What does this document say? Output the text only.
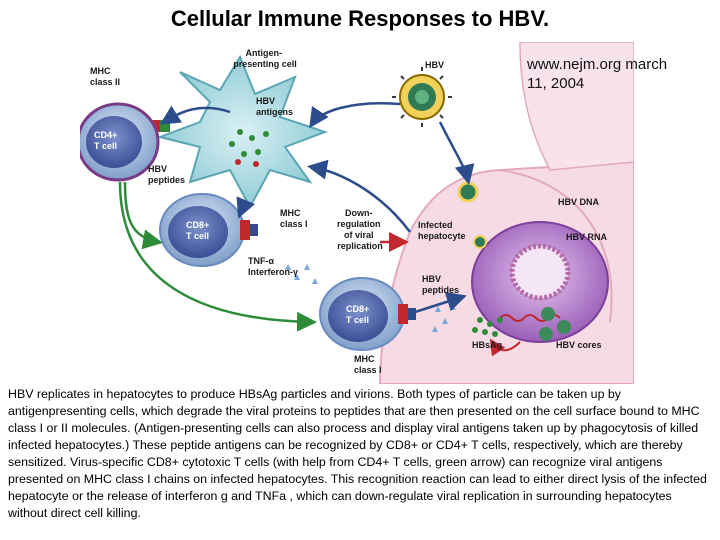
Cellular Immune Responses to HBV.
MHC class II
Antigen- presenting cell
HBV antigens
CD4+ T cell
HBV peptides
CD8+ T cell
MHC class I
Down- regulation of viral replication
TNF-α Interferon-γ
CD8+ T cell
MHC class I
HBV
HBV DNA
Infected hepatocyte	HBV RNA
HBV peptides
HBV cores
HBsAg
www.nejm.org march
11, 2004
HBV replicates in hepatocytes to produce HBsAg particles and virions. Both types of particle can be taken up by antigenpresenting cells, which degrade the viral proteins to peptides that are then presented on the cell surface bound to MHC class I or II molecules. (Antigen-presenting cells can also process and display viral antigens taken up by phagocytosis of killed infected hepatocytes.) These peptide antigens can be recognized by CD8+ or CD4+ T cells, respectively, which are thereby sensitized. Virus-specific CD8+ cytotoxic T cells (with help from CD4+ T cells, green arrow) can recognize viral antigens presented on MHC class I chains on infected hepatocytes. This recognition reaction can lead to either direct lysis of the infected hepatocyte or the release of interferon g and TNFa , which can down-regulate viral replication in surrounding hepatocytes without direct cell killing.
